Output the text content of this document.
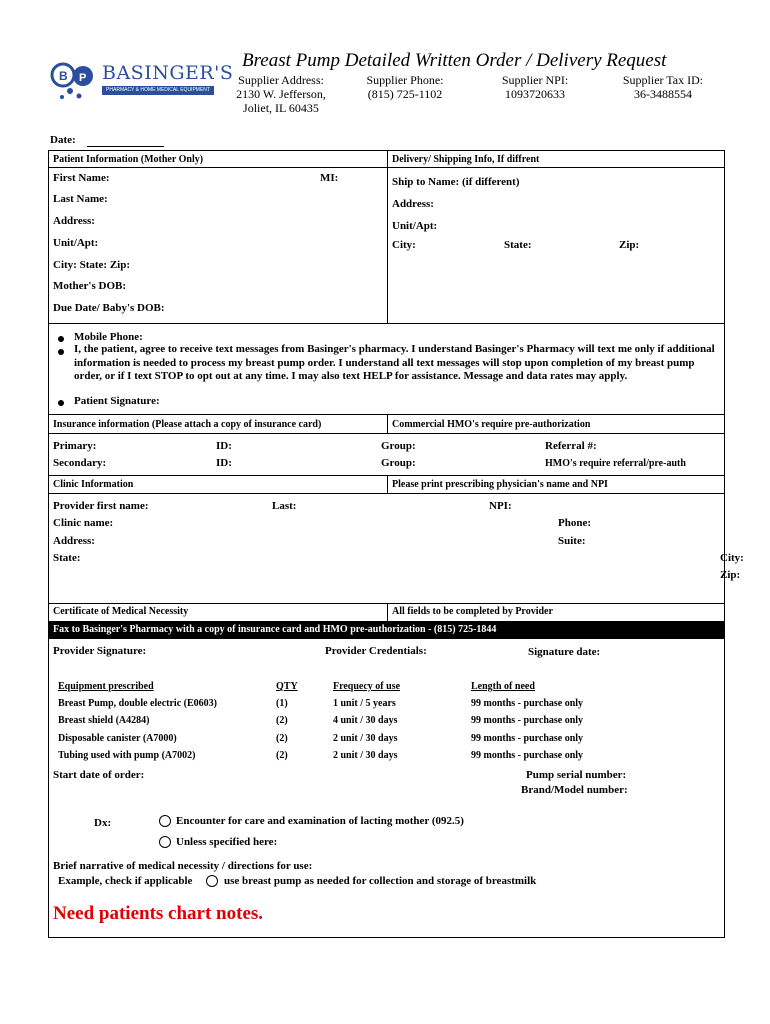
B P BASINGER'S
PHARMACY & HOME MEDICAL EQUIPMENT
Breast Pump Detailed Written Order / Delivery Request
Supplier Address:
2130 W. Jefferson,
Joliet, IL 60435
Supplier Phone:
(815) 725-1102
Supplier NPI:
1093720633
Supplier Tax ID:
36-3488554
Date:
Patient Information (Mother Only)	Delivery/ Shipping Info, If diffrent
First Name:	MI:
Last Name:
Address:
Unit/Apt:
City: State: Zip:
Mother's DOB:
Due Date/ Baby's DOB:
Ship to Name: (if different)
Address:
Unit/Apt:
City:	State:	Zip:
Mobile Phone:
I, the patient, agree to receive text messages from Basinger's pharmacy. I understand Basinger's Pharmacy will text me only if additional information is needed to process my breast pump order. I understand all text messages will stop upon completion of my breast pump order, or if I text STOP to opt out at any time. I may also text HELP for assistance. Message and data rates may apply.
Patient Signature:
Insurance information (Please attach a copy of insurance card)	Commercial HMO's require pre-authorization
Primary:	ID:	Group:	Referral #:
Secondary:	ID:	Group:	HMO's require referral/pre-auth
Clinic Information	Please print prescribing physician's name and NPI
Provider first name:	Last:	NPI:
Clinic name:	Phone:
Address:	Suite:
State:	City:
Zip:
Certificate of Medical Necessity	All fields to be completed by Provider
Fax to Basinger's Pharmacy with a copy of insurance card and HMO pre-authorization - (815) 725-1844
Provider Signature:	Provider Credentials:	Signature date:
Equipment prescribed	QTY	Frequecy of use	Length of need
Breast Pump, double electric (E0603)	(1)	1 unit / 5 years	99 months - purchase only
Breast shield (A4284)	(2)	4 unit / 30 days	99 months - purchase only
Disposable canister (A7000)	(2)	2 unit / 30 days	99 months - purchase only
Tubing used with pump (A7002)	(2)	2 unit / 30 days	99 months - purchase only
Start date of order:	Pump serial number:
Brand/Model number:
Dx:	Encounter for care and examination of lacting mother (092.5)
Unless specified here:
Brief narrative of medical necessity / directions for use:
Example, check if applicable	use breast pump as needed for collection and storage of breastmilk
Need patients chart notes.
